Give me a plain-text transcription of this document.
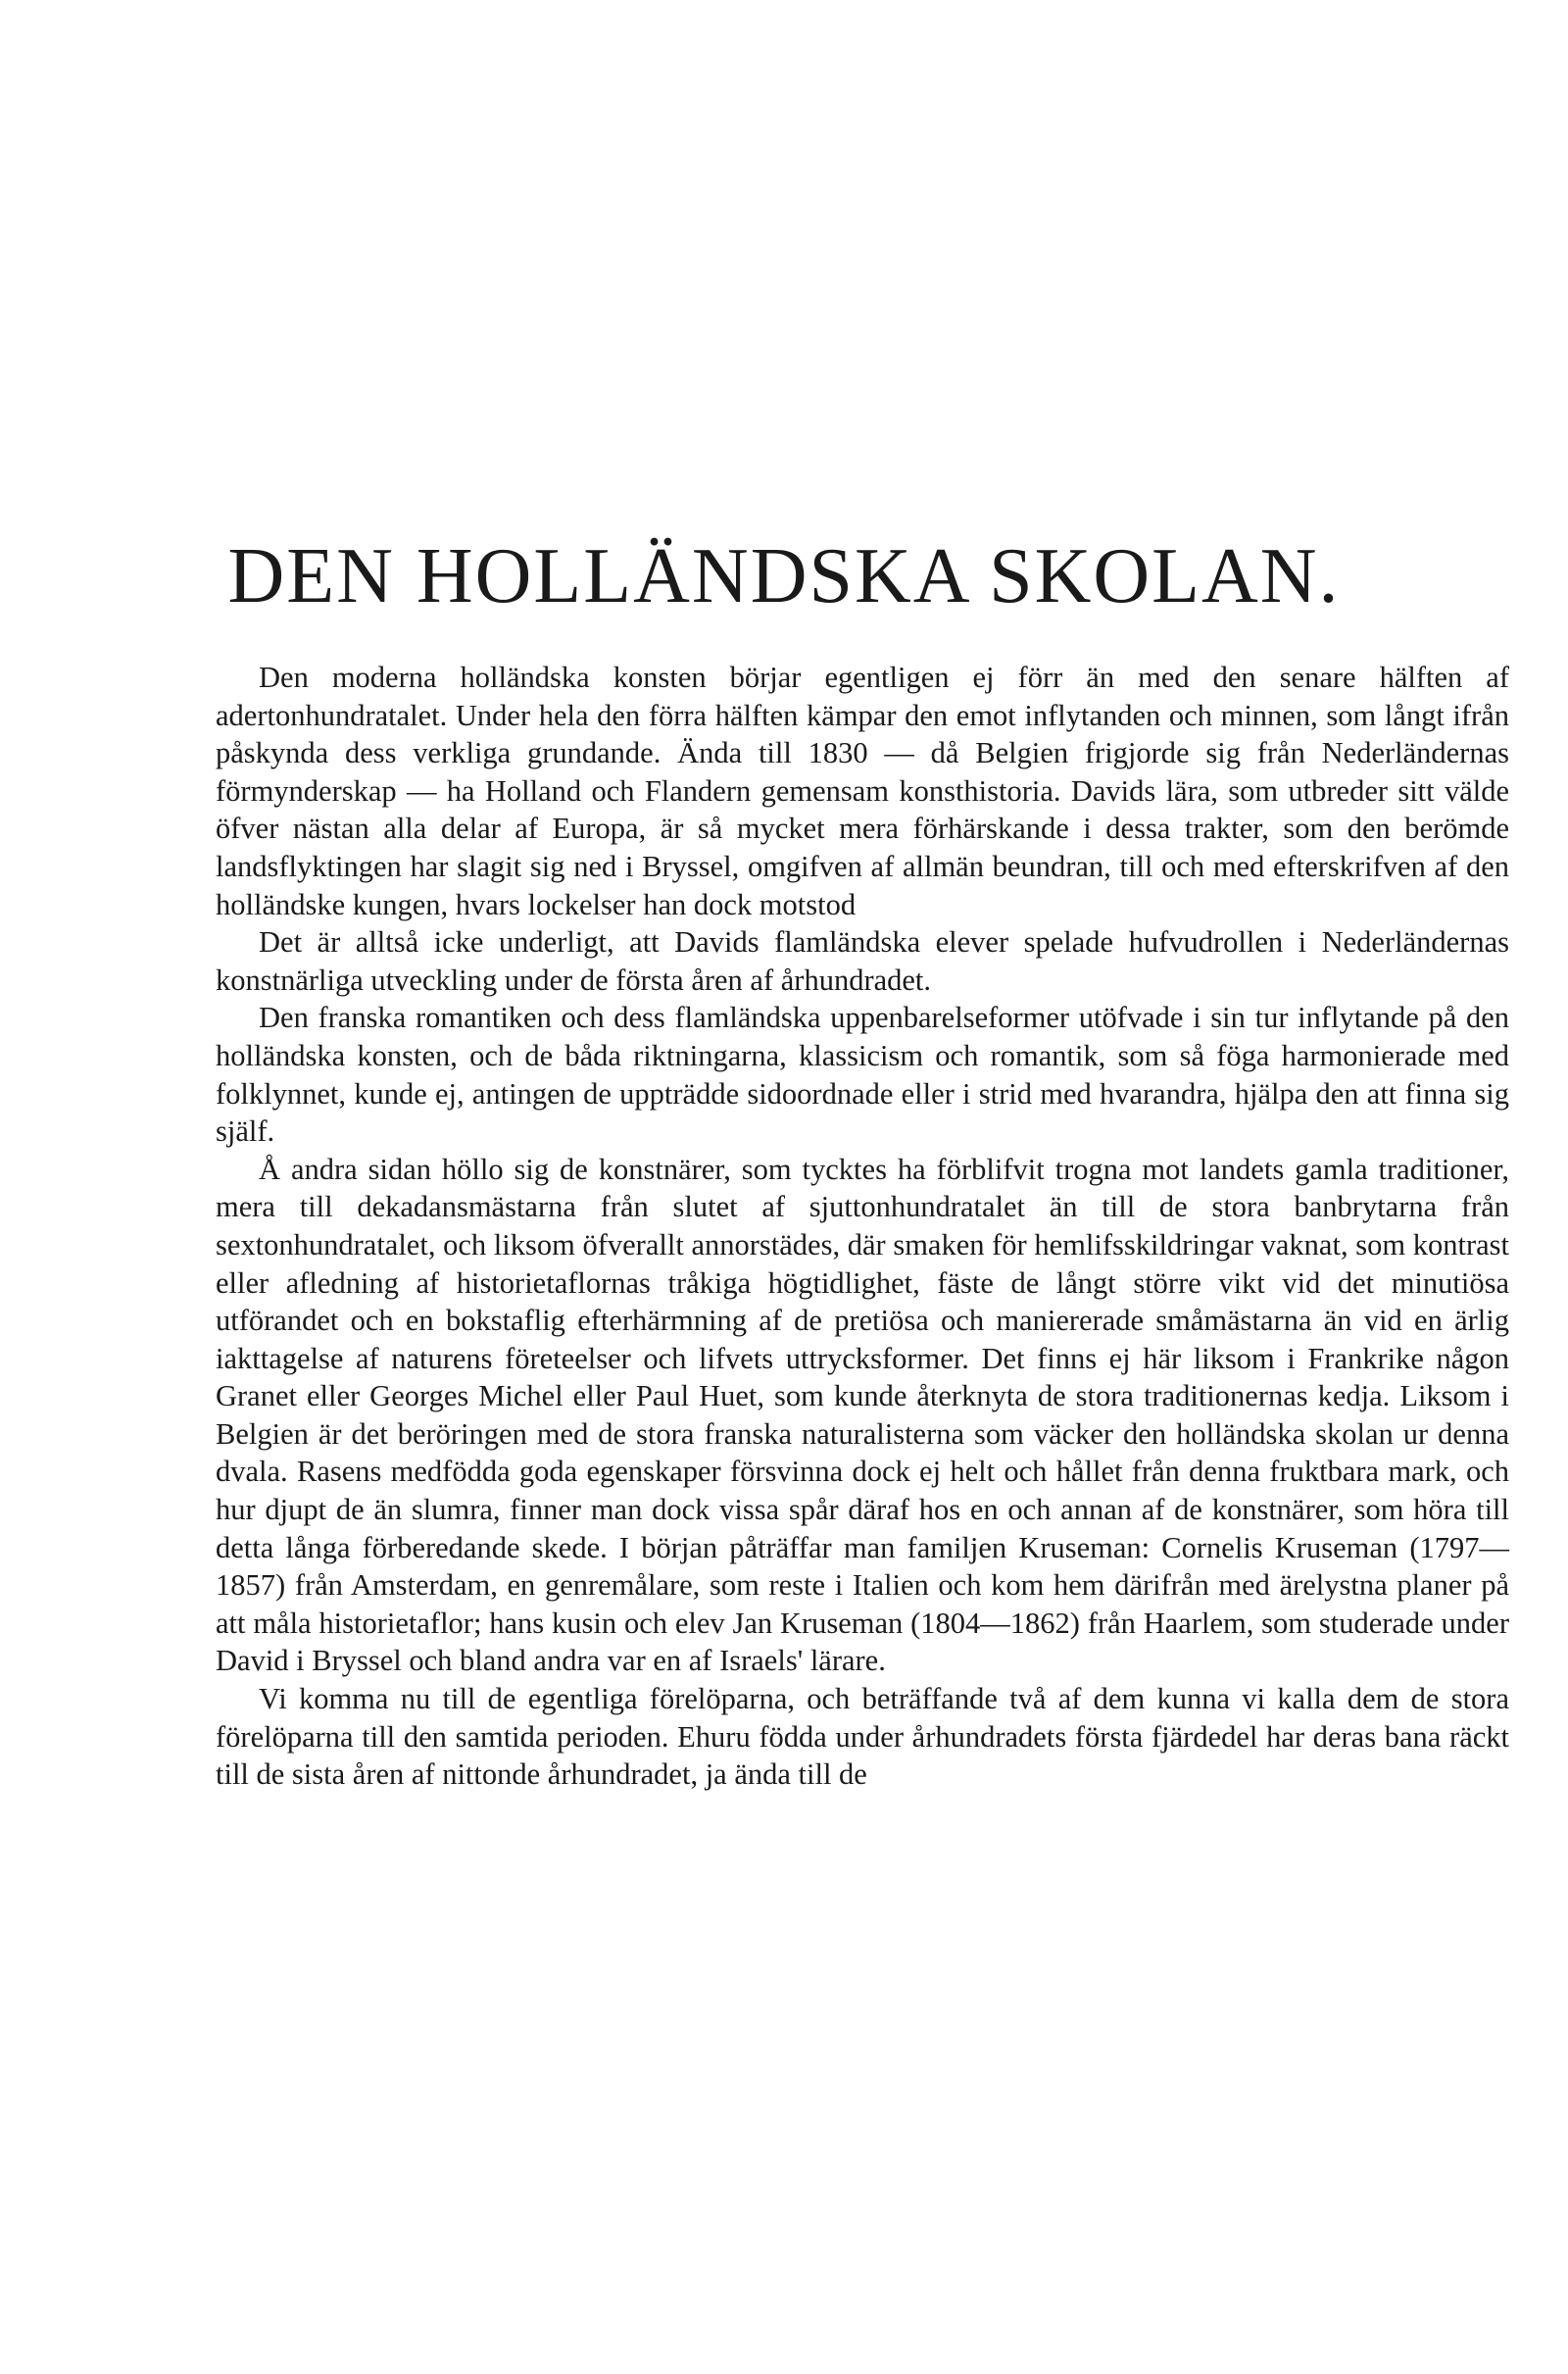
DEN HOLLÄNDSKA SKOLAN.

Den moderna holländska konsten börjar egentligen ej förr än med den senare hälften af adertonhundratalet. Under hela den förra hälften kämpar den emot inflytanden och minnen, som långt ifrån påskynda dess verkliga grundande. Ända till 1830 — då Belgien frigjorde sig från Nederländernas förmynderskap — ha Holland och Flandern gemensam konsthistoria. Davids lära, som utbreder sitt välde öfver nästan alla delar af Europa, är så mycket mera förhärskande i dessa trakter, som den berömde landsflyktingen har slagit sig ned i Bryssel, omgifven af allmän beundran, till och med efterskrifven af den holländske kungen, hvars lockelser han dock motstod

Det är alltså icke underligt, att Davids flamländska elever spelade hufvudrollen i Nederländernas konstnärliga utveckling under de första åren af århundradet.

Den franska romantiken och dess flamländska uppenbarelseformer utöfvade i sin tur inflytande på den holländska konsten, och de båda riktningarna, klassicism och romantik, som så föga harmonierade med folklynnet, kunde ej, antingen de uppträdde sidoordnade eller i strid med hvarandra, hjälpa den att finna sig själf.

Å andra sidan höllo sig de konstnärer, som tycktes ha förblifvit trogna mot landets gamla traditioner, mera till dekadansmästarna från slutet af sjuttonhundratalet än till de stora banbrytarna från sextonhundratalet, och liksom öfverallt annorstädes, där smaken för hemlifsskildringar vaknat, som kontrast eller afledning af historietaflornas tråkiga högtidlighet, fäste de långt större vikt vid det minutiösa utförandet och en bokstaflig efterhärmning af de pretiösa och maniererade småmästarna än vid en ärlig iakttagelse af naturens företeelser och lifvets uttrycksformer. Det finns ej här liksom i Frankrike någon Granet eller Georges Michel eller Paul Huet, som kunde återknyta de stora traditionernas kedja. Liksom i Belgien är det beröringen med de stora franska naturalisterna som väcker den holländska skolan ur denna dvala. Rasens medfödda goda egenskaper försvinna dock ej helt och hållet från denna fruktbara mark, och hur djupt de än slumra, finner man dock vissa spår däraf hos en och annan af de konstnärer, som höra till detta långa förberedande skede. I början påträffar man familjen Kruseman: Cornelis Kruseman (1797—1857) från Amsterdam, en genremålare, som reste i Italien och kom hem därifrån med ärelystna planer på att måla historietaflor; hans kusin och elev Jan Kruseman (1804—1862) från Haarlem, som studerade under David i Bryssel och bland andra var en af Israels' lärare.

Vi komma nu till de egentliga förelöparna, och beträffande två af dem kunna vi kalla dem de stora förelöparna till den samtida perioden. Ehuru födda under århundradets första fjärdedel har deras bana räckt till de sista åren af nittonde århundradet, ja ända till de
